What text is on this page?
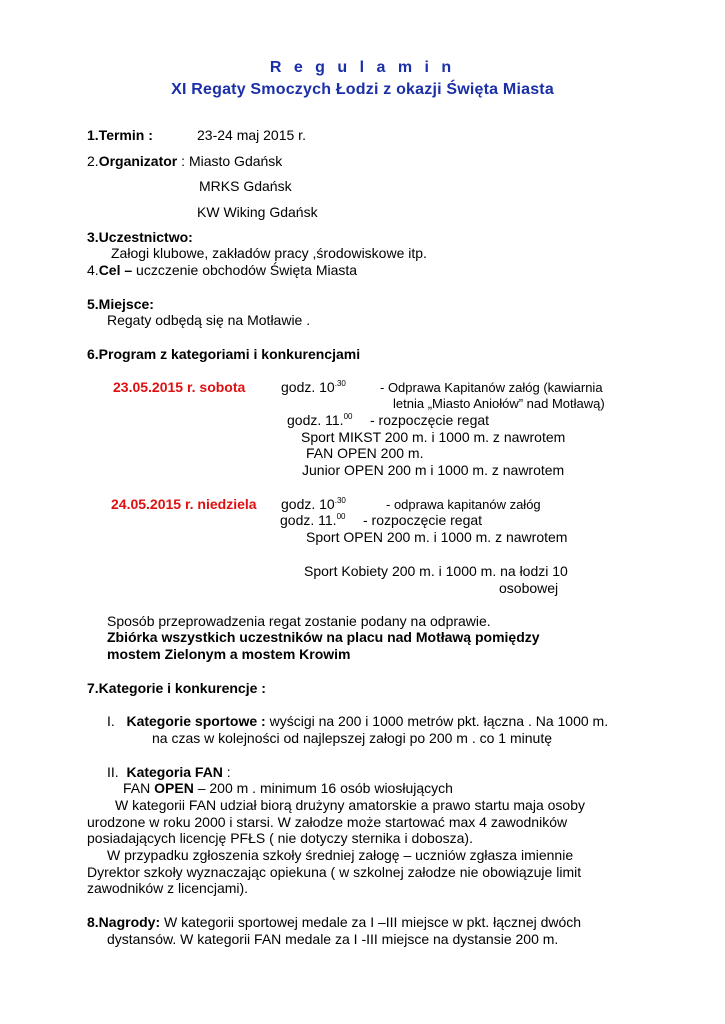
R e g u l a m i n
XI Regaty Smoczych Łodzi z okazji Święta Miasta
1.Termin :	23-24 maj 2015 r.
2.Organizator : Miasto Gdańsk
MRKS Gdańsk
KW Wiking Gdańsk
3.Uczestnictwo:
Załogi klubowe, zakładów pracy ,środowiskowe itp.
4.Cel – uczczenie obchodów Święta Miasta
5.Miejsce:
Regaty odbędą się na Motławie .
6.Program z kategoriami i konkurencjami
23.05.2015 r. sobota	godz. $10^{.30}$	- Odprawa Kapitanów załóg (kawiarnia
letnia „Miasto Aniołów” nad Motławą)
godz. 11.00 - rozpoczęcie regat
Sport MIKST 200 m. i 1000 m. z nawrotem
FAN OPEN 200 m.
Junior OPEN 200 m i 1000 m. z nawrotem
24.05.2015 r. niedziela godz. $10^{.30}$	- odprawa kapitanów załóg
godz. 11.00 - rozpoczęcie regat
Sport OPEN 200 m. i 1000 m. z nawrotem
Sport Kobiety 200 m. i 1000 m. na łodzi 10
osobowej
Sposób przeprowadzenia regat zostanie podany na odprawie.
Zbiórka wszystkich uczestników na placu nad Motławą pomiędzy
mostem Zielonym a mostem Krowim
7.Kategorie i konkurencje :
I. Kategorie sportowe : wyścigi na 200 i 1000 metrów pkt. łączna . Na 1000 m.
na czas w kolejności od najlepszej załogi po 200 m . co 1 minutę
II. Kategoria FAN :
FAN OPEN – 200 m . minimum 16 osób wiosłujących
W kategorii FAN udział biorą drużyny amatorskie a prawo startu maja osoby
urodzone w roku 2000 i starsi. W załodze może startować max 4 zawodników
posiadających licencję PFŁS ( nie dotyczy sternika i dobosza).
W przypadku zgłoszenia szkoły średniej załogę – uczniów zgłasza imiennie
Dyrektor szkoły wyznaczając opiekuna ( w szkolnej załodze nie obowiązuje limit
zawodników z licencjami).
8.Nagrody: W kategorii sportowej medale za I –III miejsce w pkt. łącznej dwóch
dystansów. W kategorii FAN medale za I -III miejsce na dystansie 200 m.
